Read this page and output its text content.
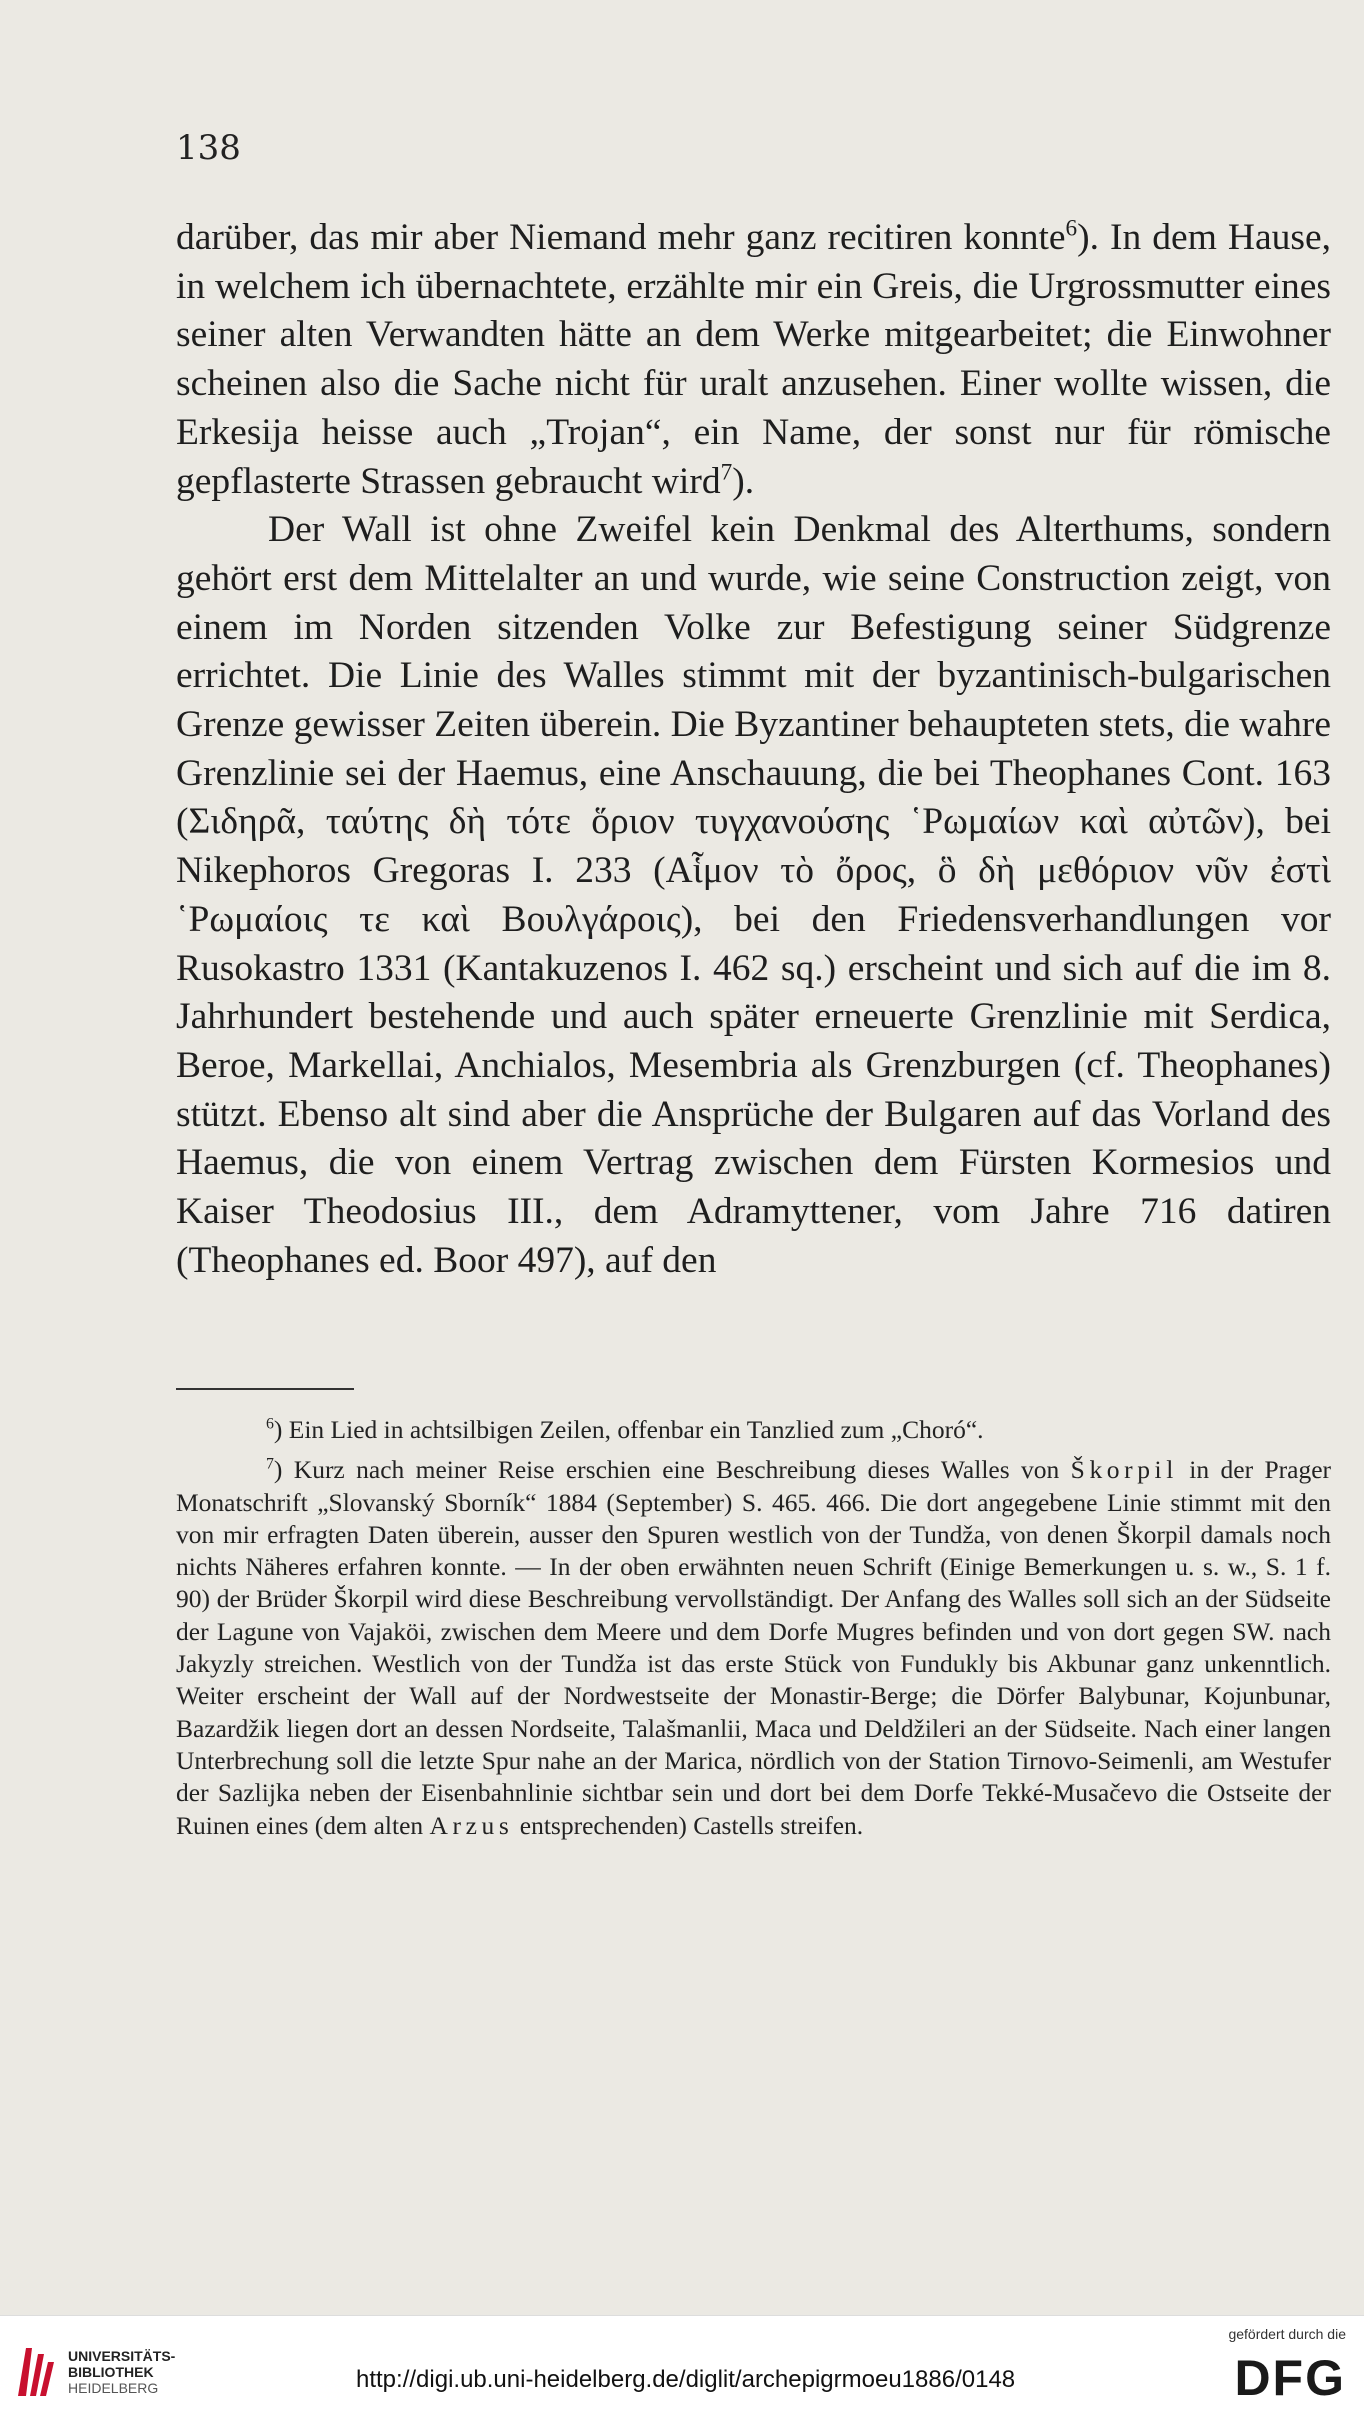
138

darüber, das mir aber Niemand mehr ganz recitiren konnte$^6$). In dem Hause, in welchem ich übernachtete, erzählte mir ein Greis, die Urgrossmutter eines seiner alten Verwandten hätte an dem Werke mitgearbeitet; die Einwohner scheinen also die Sache nicht für uralt anzusehen. Einer wollte wissen, die Erkesija heisse auch „Trojan“, ein Name, der sonst nur für römische gepflasterte Strassen gebraucht wird$^7$).

Der Wall ist ohne Zweifel kein Denkmal des Alterthums, sondern gehört erst dem Mittelalter an und wurde, wie seine Construction zeigt, von einem im Norden sitzenden Volke zur Befestigung seiner Südgrenze errichtet. Die Linie des Walles stimmt mit der byzantinisch-bulgarischen Grenze gewisser Zeiten überein. Die Byzantiner behaupteten stets, die wahre Grenzlinie sei der Haemus, eine Anschauung, die bei Theophanes Cont. 163 (Σιδηρᾶ, ταύτης δὴ τότε ὅριον τυγχανούσης ῾Ρωμαίων καὶ αὐτῶν), bei Nikephoros Gregoras I. 233 (Αἷμον τὸ ὄρος, ὃ δὴ μεθόριον νῦν ἐστὶ ῾Ρωμαίοις τε καὶ Βουλγάροις), bei den Friedensverhandlungen vor Rusokastro 1331 (Kantakuzenos I. 462 sq.) erscheint und sich auf die im 8. Jahrhundert bestehende und auch später erneuerte Grenzlinie mit Serdica, Beroe, Markellai, Anchialos, Mesembria als Grenzburgen (cf. Theophanes) stützt. Ebenso alt sind aber die Ansprüche der Bulgaren auf das Vorland des Haemus, die von einem Vertrag zwischen dem Fürsten Kormesios und Kaiser Theodosius III., dem Adramyttener, vom Jahre 716 datiren (Theophanes ed. Boor 497), auf den

$^6$) Ein Lied in achtsilbigen Zeilen, offenbar ein Tanzlied zum „Choró“.

$^7$) Kurz nach meiner Reise erschien eine Beschreibung dieses Walles von Škorpil in der Prager Monatschrift „Slovanský Sborník“ 1884 (September) S. 465. 466. Die dort angegebene Linie stimmt mit den von mir erfragten Daten überein, ausser den Spuren westlich von der Tundža, von denen Škorpil damals noch nichts Näheres erfahren konnte. — In der oben erwähnten neuen Schrift (Einige Bemerkungen u. s. w., S. 1 f. 90) der Brüder Škorpil wird diese Beschreibung vervollständigt. Der Anfang des Walles soll sich an der Südseite der Lagune von Vajaköi, zwischen dem Meere und dem Dorfe Mugres befinden und von dort gegen SW. nach Jakyzly streichen. Westlich von der Tundža ist das erste Stück von Fundukly bis Akbunar ganz unkenntlich. Weiter erscheint der Wall auf der Nordwestseite der Monastir-Berge; die Dörfer Balybunar, Kojunbunar, Bazardžik liegen dort an dessen Nordseite, Talašmanlii, Maca und Deldžileri an der Südseite. Nach einer langen Unterbrechung soll die letzte Spur nahe an der Marica, nördlich von der Station Tirnovo-Seimenli, am Westufer der Sazlijka neben der Eisenbahnlinie sichtbar sein und dort bei dem Dorfe Tekké-Musačevo die Ostseite der Ruinen eines (dem alten Arzus entsprechenden) Castells streifen.

UNIVERSITÄTS-
BIBLIOTHEK
HEIDELBERG	http://digi.ub.uni-heidelberg.de/diglit/archepigrmoeu1886/0148
gefördert durch die
DFG
